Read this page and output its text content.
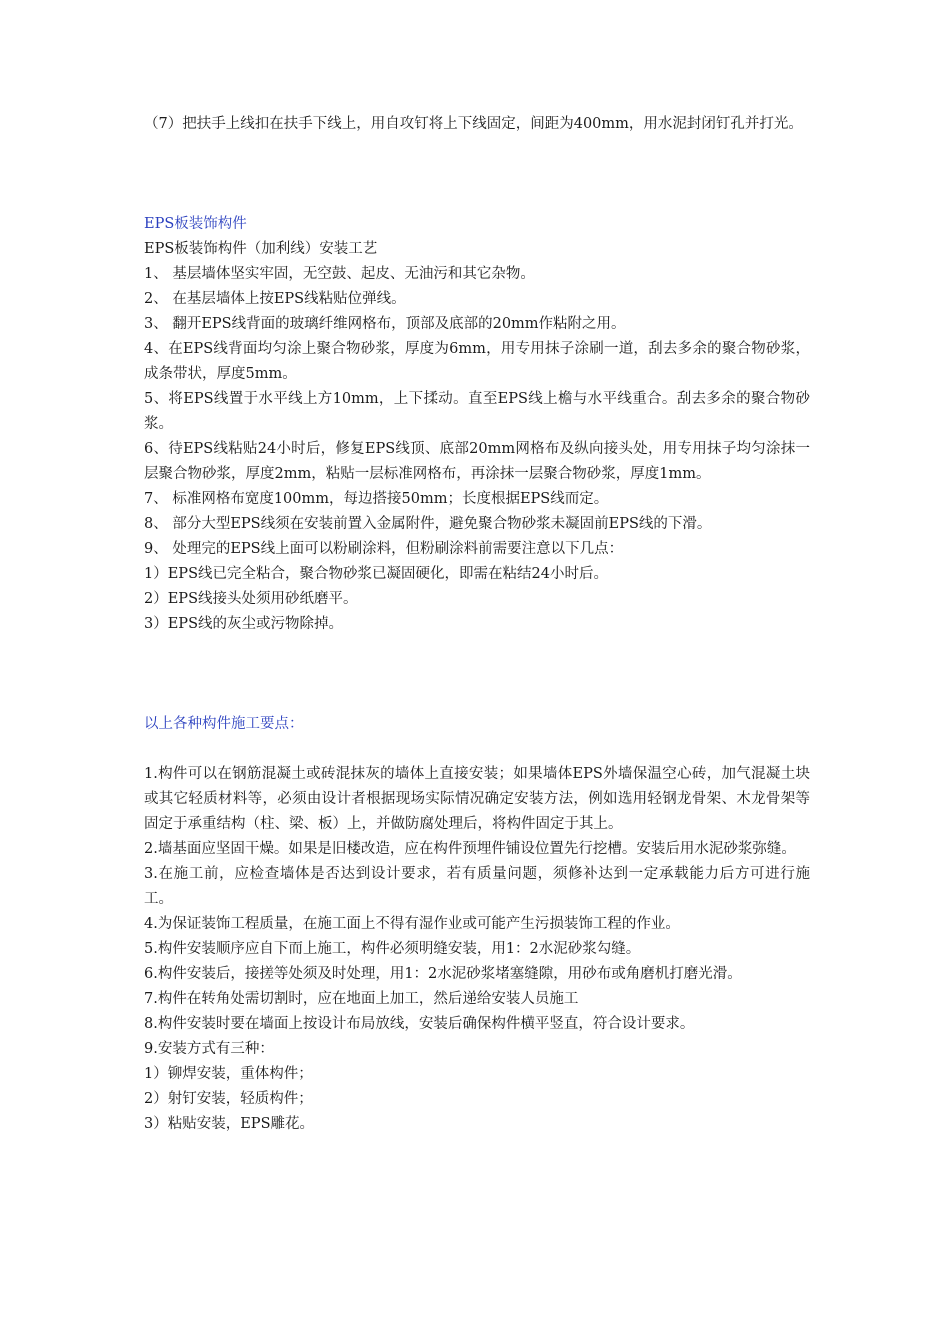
（7）把扶手上线扣在扶手下线上，用自攻钉将上下线固定，间距为400mm，用水泥封闭钉孔并打光。

EPS板装饰构件

EPS板装饰构件（加利线）安装工艺

1、 基层墙体坚实牢固，无空鼓、起皮、无油污和其它杂物。

2、 在基层墙体上按EPS线粘贴位弹线。

3、 翻开EPS线背面的玻璃纤维网格布，顶部及底部的20mm作粘附之用。

4、在EPS线背面均匀涂上聚合物砂浆，厚度为6mm，用专用抹子涂刷一道，刮去多余的聚合物砂浆，成条带状，厚度5mm。

5、将EPS线置于水平线上方10mm，上下揉动。直至EPS线上檐与水平线重合。刮去多余的聚合物砂浆。

6、待EPS线粘贴24小时后，修复EPS线顶、底部20mm网格布及纵向接头处，用专用抹子均匀涂抹一层聚合物砂浆，厚度2mm，粘贴一层标准网格布，再涂抹一层聚合物砂浆，厚度1mm。

7、 标准网格布宽度100mm，每边搭接50mm；长度根据EPS线而定。

8、 部分大型EPS线须在安装前置入金属附件，避免聚合物砂浆未凝固前EPS线的下滑。

9、 处理完的EPS线上面可以粉刷涂料，但粉刷涂料前需要注意以下几点：

1）EPS线已完全粘合，聚合物砂浆已凝固硬化，即需在粘结24小时后。

2）EPS线接头处须用砂纸磨平。

3）EPS线的灰尘或污物除掉。

以上各种构件施工要点：

1.构件可以在钢筋混凝土或砖混抹灰的墙体上直接安装；如果墙体EPS外墙保温空心砖，加气混凝土块或其它轻质材料等，必须由设计者根据现场实际情况确定安装方法，例如选用轻钢龙骨架、木龙骨架等固定于承重结构（柱、梁、板）上，并做防腐处理后，将构件固定于其上。

2.墙基面应坚固干燥。如果是旧楼改造，应在构件预埋件铺设位置先行挖槽。安装后用水泥砂浆弥缝。

3.在施工前，应检查墙体是否达到设计要求，若有质量问题，须修补达到一定承载能力后方可进行施工。

4.为保证装饰工程质量，在施工面上不得有湿作业或可能产生污损装饰工程的作业。

5.构件安装顺序应自下而上施工，构件必须明缝安装，用1：2水泥砂浆勾缝。

6.构件安装后，接搓等处须及时处理，用1：2水泥砂浆堵塞缝隙，用砂布或角磨机打磨光滑。

7.构件在转角处需切割时，应在地面上加工，然后递给安装人员施工

8.构件安装时要在墙面上按设计布局放线，安装后确保构件横平竖直，符合设计要求。

9.安装方式有三种：

1）铆焊安装，重体构件；

2）射钉安装，轻质构件；

3）粘贴安装，EPS雕花。
